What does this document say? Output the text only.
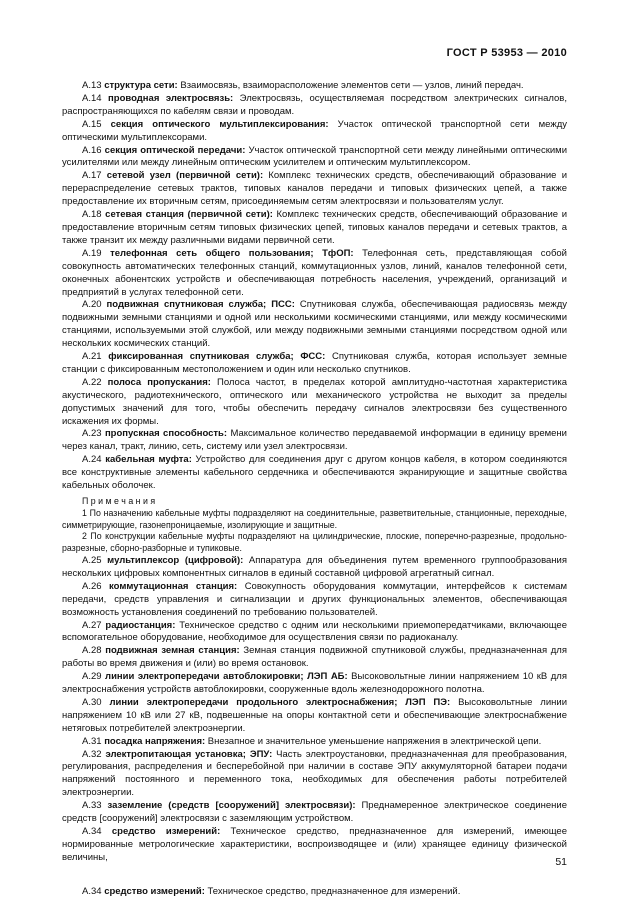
ГОСТ Р 53953 — 2010

А.13 структура сети: Взаимосвязь, взаиморасположение элементов сети — узлов, линий передач.

А.14 проводная электросвязь: Электросвязь, осуществляемая посредством электрических сигналов, распространяющихся по кабелям связи и проводам.

А.15 секция оптического мультиплексирования: Участок оптической транспортной сети между оптическими мультиплексорами.

А.16 секция оптической передачи: Участок оптической транспортной сети между линейными оптическими усилителями или между линейным оптическим усилителем и оптическим мультиплексором.

А.17 сетевой узел (первичной сети): Комплекс технических средств, обеспечивающий образование и перераспределение сетевых трактов, типовых каналов передачи и типовых физических цепей, а также предоставление их вторичным сетям, присоединяемым сетям электросвязи и пользователям услуг.

А.18 сетевая станция (первичной сети): Комплекс технических средств, обеспечивающий образование и предоставление вторичным сетям типовых физических цепей, типовых каналов передачи и сетевых трактов, а также транзит их между различными видами первичной сети.

А.19 телефонная сеть общего пользования; ТфОП: Телефонная сеть, представляющая собой совокупность автоматических телефонных станций, коммутационных узлов, линий, каналов телефонной сети, оконечных абонентских устройств и обеспечивающая потребность населения, учреждений, организаций и предприятий в услугах телефонной сети.

А.20 подвижная спутниковая служба; ПСС: Спутниковая служба, обеспечивающая радиосвязь между подвижными земными станциями и одной или несколькими космическими станциями, или между космическими станциями, используемыми этой службой, или между подвижными земными станциями посредством одной или нескольких космических станций.

А.21 фиксированная спутниковая служба; ФСС: Спутниковая служба, которая использует земные станции с фиксированным местоположением и один или несколько спутников.

А.22 полоса пропускания: Полоса частот, в пределах которой амплитудно-частотная характеристика акустического, радиотехнического, оптического или механического устройства не выходит за пределы допустимых значений для того, чтобы обеспечить передачу сигналов электросвязи без существенного искажения их формы.

А.23 пропускная способность: Максимальное количество передаваемой информации в единицу времени через канал, тракт, линию, сеть, систему или узел электросвязи.

А.24 кабельная муфта: Устройство для соединения друг с другом концов кабеля, в котором соединяются все конструктивные элементы кабельного сердечника и обеспечиваются экранирующие и защитные свойства кабельных оболочек.

П р и м е ч а н и я

1 По назначению кабельные муфты подразделяют на соединительные, разветвительные, станционные, переходные, симметрирующие, газонепроницаемые, изолирующие и защитные.

2 По конструкции кабельные муфты подразделяют на цилиндрические, плоские, поперечно-разрезные, продольно-разрезные, сборно-разборные и тупиковые.

А.25 мультиплексор (цифровой): Аппаратура для объединения путем временного группообразования нескольких цифровых компонентных сигналов в единый составной цифровой агрегатный сигнал.

А.26 коммутационная станция: Совокупность оборудования коммутации, интерфейсов к системам передачи, средств управления и сигнализации и других функциональных элементов, обеспечивающая возможность установления соединений по требованию пользователей.

А.27 радиостанция: Техническое средство с одним или несколькими приемопередатчиками, включающее вспомогательное оборудование, необходимое для осуществления связи по радиоканалу.

А.28 подвижная земная станция: Земная станция подвижной спутниковой службы, предназначенная для работы во время движения и (или) во время остановок.

А.29 линии электропередачи автоблокировки; ЛЭП АБ: Высоковольтные линии напряжением 10 кВ для электроснабжения устройств автоблокировки, сооруженные вдоль железнодорожного полотна.

А.30 линии электропередачи продольного электроснабжения; ЛЭП ПЭ: Высоковольтные линии напряжением 10 кВ или 27 кВ, подвешенные на опоры контактной сети и обеспечивающие электроснабжение нетяговых потребителей электроэнергии.

А.31 посадка напряжения: Внезапное и значительное уменьшение напряжения в электрической цепи.

А.32 электропитающая установка; ЭПУ: Часть электроустановки, предназначенная для преобразования, регулирования, распределения и бесперебойной при наличии в составе ЭПУ аккумуляторной батареи подачи напряжений постоянного и переменного тока, необходимых для обеспечения работы потребителей электроэнергии.

А.33 заземление (средств [сооружений] электросвязи): Преднамеренное электрическое соединение средств [сооружений] электросвязи с заземляющим устройством.

А.34 средство измерений: Техническое средство, предназначенное для измерений, имеющее нормированные метрологические характеристики, воспроизводящее и (или) хранящее единицу физической величины,	51

А.34 средство измерений: Техническое средство, предназначенное для измерений.
